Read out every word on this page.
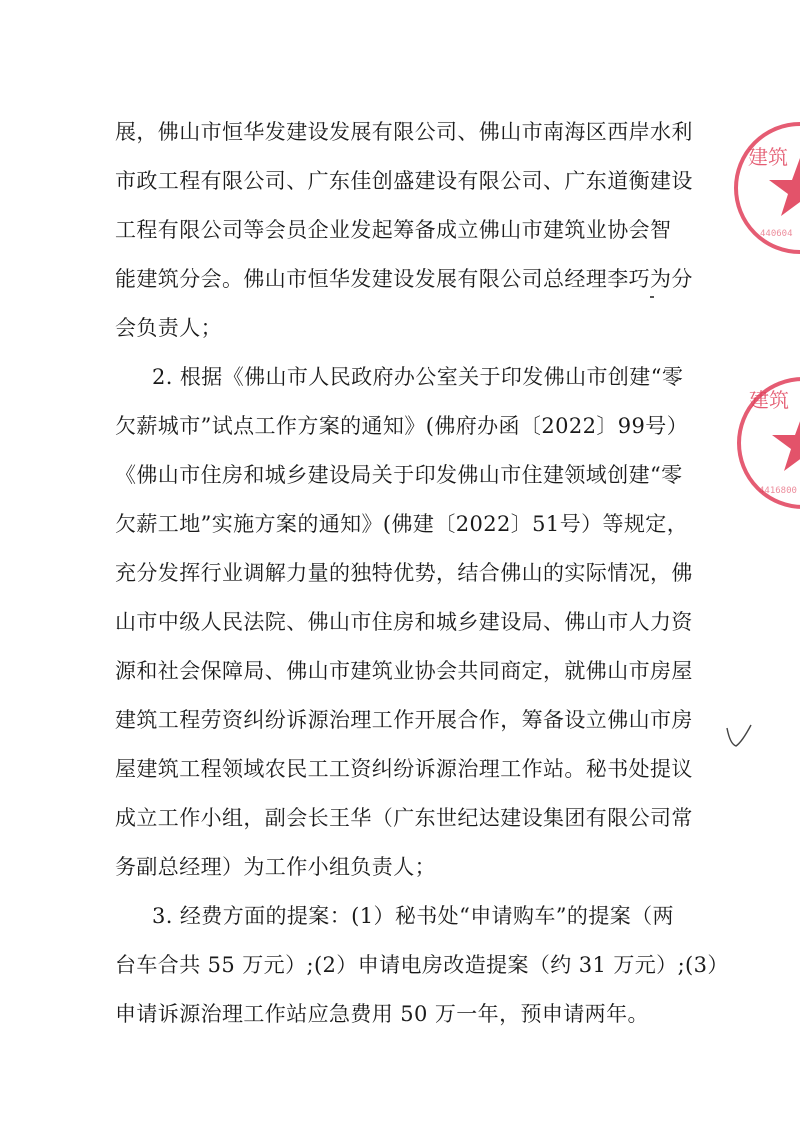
展，佛山市恒华发建设发展有限公司、佛山市南海区西岸水利
市政工程有限公司、广东佳创盛建设有限公司、广东道衡建设
工程有限公司等会员企业发起筹备成立佛山市建筑业协会智
能建筑分会。佛山市恒华发建设发展有限公司总经理李巧为分
会负责人；
2. 根据《佛山市人民政府办公室关于印发佛山市创建“零
欠薪城市”试点工作方案的通知》(佛府办函〔2022〕99号）
《佛山市住房和城乡建设局关于印发佛山市住建领域创建“零
欠薪工地”实施方案的通知》(佛建〔2022〕51号）等规定，
充分发挥行业调解力量的独特优势，结合佛山的实际情况，佛
山市中级人民法院、佛山市住房和城乡建设局、佛山市人力资
源和社会保障局、佛山市建筑业协会共同商定，就佛山市房屋
建筑工程劳资纠纷诉源治理工作开展合作，筹备设立佛山市房
屋建筑工程领域农民工工资纠纷诉源治理工作站。秘书处提议
成立工作小组，副会长王华（广东世纪达建设集团有限公司常
务副总经理）为工作小组负责人；
3. 经费方面的提案：(1）秘书处“申请购车”的提案（两
台车合共 55 万元）;(2）申请电房改造提案（约 31 万元）;(3）
申请诉源治理工作站应急费用 50 万一年，预申请两年。
建筑
440604
建筑
4416800
